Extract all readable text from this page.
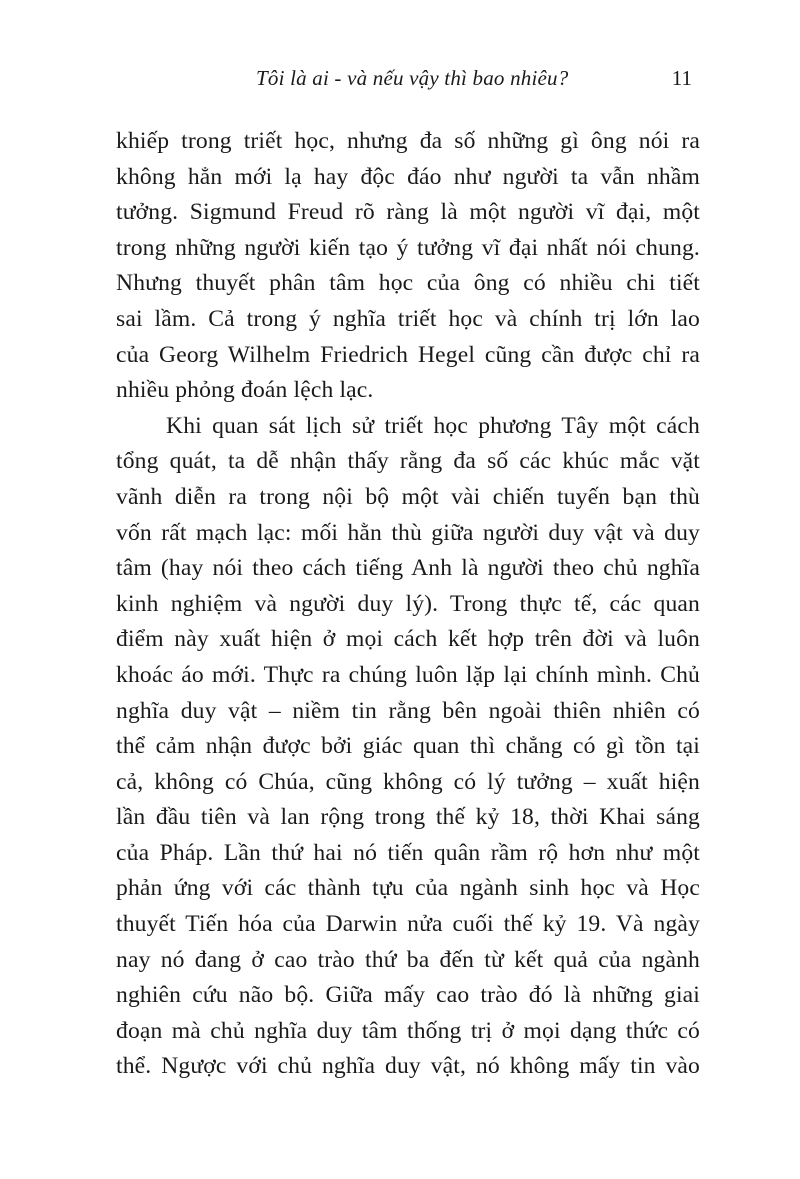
Tôi là ai - và nếu vậy thì bao nhiêu?	11
khiếp trong triết học, nhưng đa số những gì ông nói ra
không hẳn mới lạ hay độc đáo như người ta vẫn nhầm
tưởng. Sigmund Freud rõ ràng là một người vĩ đại, một
trong những người kiến tạo ý tưởng vĩ đại nhất nói chung.
Nhưng thuyết phân tâm học của ông có nhiều chi tiết
sai lầm. Cả trong ý nghĩa triết học và chính trị lớn lao
của Georg Wilhelm Friedrich Hegel cũng cần được chỉ ra
nhiều phỏng đoán lệch lạc.
Khi quan sát lịch sử triết học phương Tây một cách
tổng quát, ta dễ nhận thấy rằng đa số các khúc mắc vặt
vãnh diễn ra trong nội bộ một vài chiến tuyến bạn thù
vốn rất mạch lạc: mối hằn thù giữa người duy vật và duy
tâm (hay nói theo cách tiếng Anh là người theo chủ nghĩa
kinh nghiệm và người duy lý). Trong thực tế, các quan
điểm này xuất hiện ở mọi cách kết hợp trên đời và luôn
khoác áo mới. Thực ra chúng luôn lặp lại chính mình. Chủ
nghĩa duy vật – niềm tin rằng bên ngoài thiên nhiên có
thể cảm nhận được bởi giác quan thì chẳng có gì tồn tại
cả, không có Chúa, cũng không có lý tưởng – xuất hiện
lần đầu tiên và lan rộng trong thế kỷ 18, thời Khai sáng
của Pháp. Lần thứ hai nó tiến quân rầm rộ hơn như một
phản ứng với các thành tựu của ngành sinh học và Học
thuyết Tiến hóa của Darwin nửa cuối thế kỷ 19. Và ngày
nay nó đang ở cao trào thứ ba đến từ kết quả của ngành
nghiên cứu não bộ. Giữa mấy cao trào đó là những giai
đoạn mà chủ nghĩa duy tâm thống trị ở mọi dạng thức có
thể. Ngược với chủ nghĩa duy vật, nó không mấy tin vào
